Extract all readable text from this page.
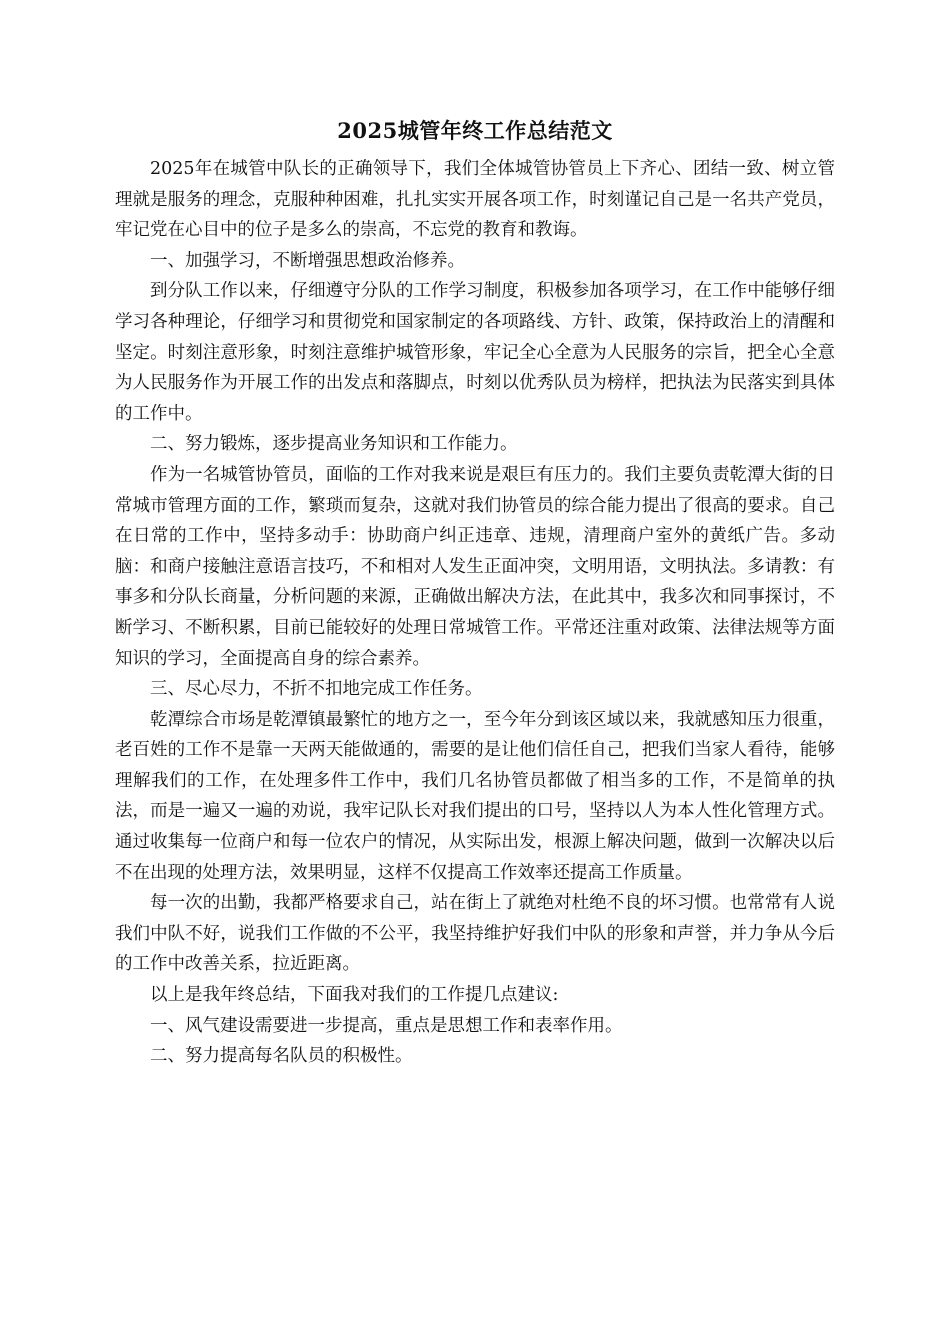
2025城管年终工作总结范文

2025年在城管中队长的正确领导下，我们全体城管协管员上下齐心、团结一致、树立管理就是服务的理念，克服种种困难，扎扎实实开展各项工作，时刻谨记自己是一名共产党员，牢记党在心目中的位子是多么的崇高，不忘党的教育和教诲。

一、加强学习，不断增强思想政治修养。

到分队工作以来，仔细遵守分队的工作学习制度，积极参加各项学习，在工作中能够仔细学习各种理论，仔细学习和贯彻党和国家制定的各项路线、方针、政策，保持政治上的清醒和坚定。时刻注意形象，时刻注意维护城管形象，牢记全心全意为人民服务的宗旨，把全心全意为人民服务作为开展工作的出发点和落脚点，时刻以优秀队员为榜样，把执法为民落实到具体的工作中。

二、努力锻炼，逐步提高业务知识和工作能力。

作为一名城管协管员，面临的工作对我来说是艰巨有压力的。我们主要负责乾潭大街的日常城市管理方面的工作，繁琐而复杂，这就对我们协管员的综合能力提出了很高的要求。自己在日常的工作中，坚持多动手：协助商户纠正违章、违规，清理商户室外的黄纸广告。多动脑：和商户接触注意语言技巧，不和相对人发生正面冲突，文明用语，文明执法。多请教：有事多和分队长商量，分析问题的来源，正确做出解决方法，在此其中，我多次和同事探讨，不断学习、不断积累，目前已能较好的处理日常城管工作。平常还注重对政策、法律法规等方面知识的学习，全面提高自身的综合素养。

三、尽心尽力，不折不扣地完成工作任务。

乾潭综合市场是乾潭镇最繁忙的地方之一，至今年分到该区域以来，我就感知压力很重，老百姓的工作不是靠一天两天能做通的，需要的是让他们信任自己，把我们当家人看待，能够理解我们的工作，在处理多件工作中，我们几名协管员都做了相当多的工作，不是简单的执法，而是一遍又一遍的劝说，我牢记队长对我们提出的口号，坚持以人为本人性化管理方式。通过收集每一位商户和每一位农户的情况，从实际出发，根源上解决问题，做到一次解决以后不在出现的处理方法，效果明显，这样不仅提高工作效率还提高工作质量。

每一次的出勤，我都严格要求自己，站在街上了就绝对杜绝不良的坏习惯。也常常有人说我们中队不好，说我们工作做的不公平，我坚持维护好我们中队的形象和声誉，并力争从今后的工作中改善关系，拉近距离。

以上是我年终总结，下面我对我们的工作提几点建议:

一、风气建设需要进一步提高，重点是思想工作和表率作用。

二、努力提高每名队员的积极性。
